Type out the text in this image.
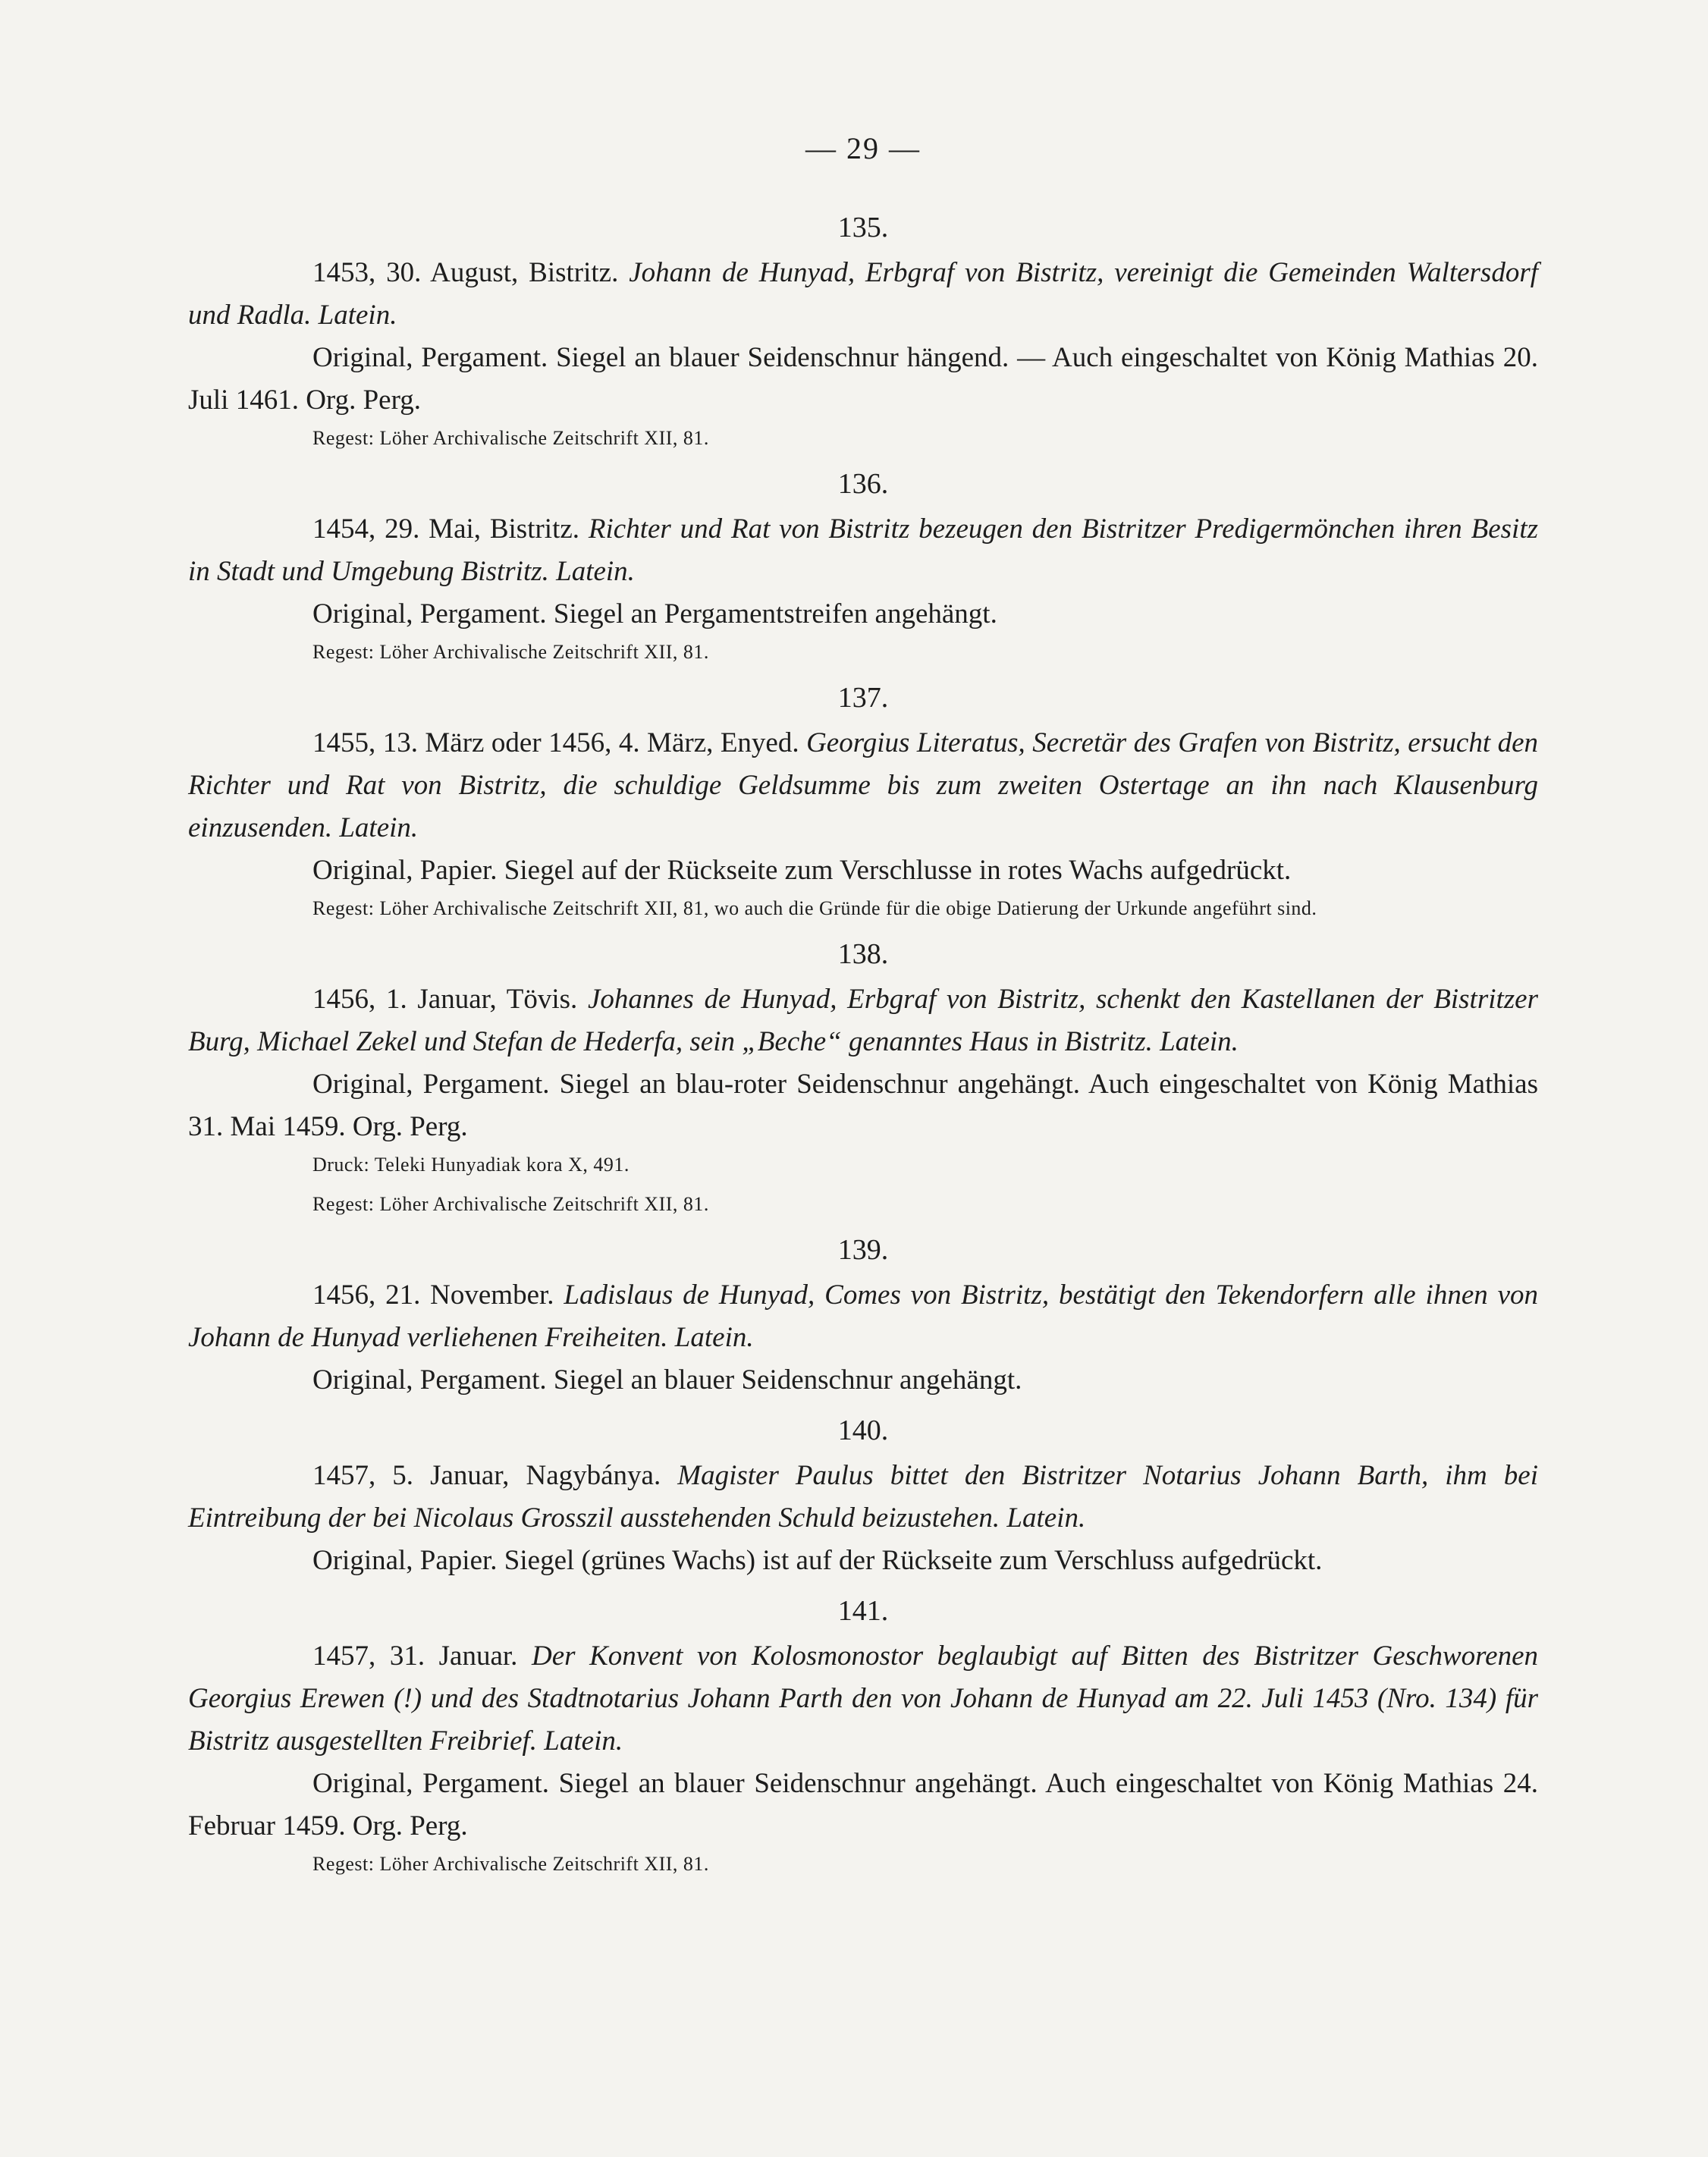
— 29 —
135.

1453, 30. August, Bistritz. Johann de Hunyad, Erbgraf von Bistritz, vereinigt die Gemeinden Waltersdorf und Radla. Latein.

Original, Pergament. Siegel an blauer Seidenschnur hängend. — Auch eingeschaltet von König Mathias 20. Juli 1461. Org. Perg.

Regest: Löher Archivalische Zeitschrift XII, 81.

136.

1454, 29. Mai, Bistritz. Richter und Rat von Bistritz bezeugen den Bistritzer Predigermönchen ihren Besitz in Stadt und Umgebung Bistritz. Latein.

Original, Pergament. Siegel an Pergamentstreifen angehängt.

Regest: Löher Archivalische Zeitschrift XII, 81.

137.

1455, 13. März oder 1456, 4. März, Enyed. Georgius Literatus, Secretär des Grafen von Bistritz, ersucht den Richter und Rat von Bistritz, die schuldige Geldsumme bis zum zweiten Ostertage an ihn nach Klausenburg einzusenden. Latein.

Original, Papier. Siegel auf der Rückseite zum Verschlusse in rotes Wachs aufgedrückt.

Regest: Löher Archivalische Zeitschrift XII, 81, wo auch die Gründe für die obige Datierung der Urkunde angeführt sind.

138.

1456, 1. Januar, Tövis. Johannes de Hunyad, Erbgraf von Bistritz, schenkt den Kastellanen der Bistritzer Burg, Michael Zekel und Stefan de Hederfa, sein „Beche“ genanntes Haus in Bistritz. Latein.

Original, Pergament. Siegel an blau-roter Seidenschnur angehängt. Auch eingeschaltet von König Mathias 31. Mai 1459. Org. Perg.

Druck: Teleki Hunyadiak kora X, 491.

Regest: Löher Archivalische Zeitschrift XII, 81.

139.

1456, 21. November. Ladislaus de Hunyad, Comes von Bistritz, bestätigt den Tekendorfern alle ihnen von Johann de Hunyad verliehenen Freiheiten. Latein.

Original, Pergament. Siegel an blauer Seidenschnur angehängt.

140.

1457, 5. Januar, Nagybánya. Magister Paulus bittet den Bistritzer Notarius Johann Barth, ihm bei Eintreibung der bei Nicolaus Grosszil ausstehenden Schuld beizustehen. Latein.

Original, Papier. Siegel (grünes Wachs) ist auf der Rückseite zum Verschluss aufgedrückt.

141.

1457, 31. Januar. Der Konvent von Kolosmonostor beglaubigt auf Bitten des Bistritzer Geschworenen Georgius Erewen (!) und des Stadtnotarius Johann Parth den von Johann de Hunyad am 22. Juli 1453 (Nro. 134) für Bistritz ausgestellten Freibrief. Latein.

Original, Pergament. Siegel an blauer Seidenschnur angehängt. Auch eingeschaltet von König Mathias 24. Februar 1459. Org. Perg.

Regest: Löher Archivalische Zeitschrift XII, 81.
